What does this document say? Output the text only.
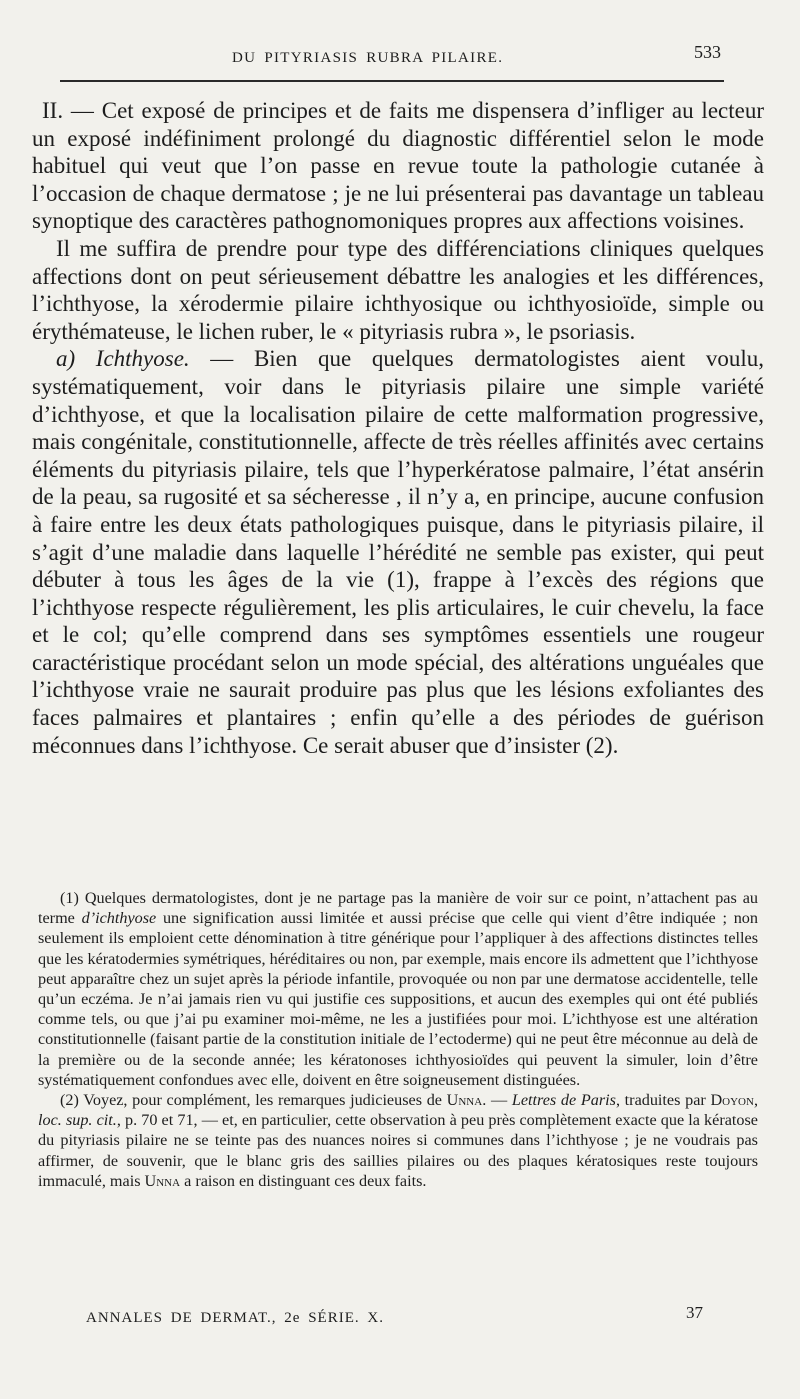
DU PITYRIASIS RUBRA PILAIRE.	533

II. — Cet exposé de principes et de faits me dispensera d’infliger au lecteur un exposé indéfiniment prolongé du diagnostic différentiel selon le mode habituel qui veut que l’on passe en revue toute la pathologie cutanée à l’occasion de chaque dermatose ; je ne lui présenterai pas davantage un tableau synoptique des caractères pathognomoniques propres aux affections voisines.

Il me suffira de prendre pour type des différenciations cliniques quelques affections dont on peut sérieusement débattre les analogies et les différences, l’ichthyose, la xérodermie pilaire ichthyosique ou ichthyosioïde, simple ou érythémateuse, le lichen ruber, le « pityriasis rubra », le psoriasis.

a) Ichthyose. — Bien que quelques dermatologistes aient voulu, systématiquement, voir dans le pityriasis pilaire une simple variété d’ichthyose, et que la localisation pilaire de cette malformation progressive, mais congénitale, constitutionnelle, affecte de très réelles affinités avec certains éléments du pityriasis pilaire, tels que l’hyperkératose palmaire, l’état ansérin de la peau, sa rugosité et sa sécheresse , il n’y a, en principe, aucune confusion à faire entre les deux états pathologiques puisque, dans le pityriasis pilaire, il s’agit d’une maladie dans laquelle l’hérédité ne semble pas exister, qui peut débuter à tous les âges de la vie (1), frappe à l’excès des régions que l’ichthyose respecte régulièrement, les plis articulaires, le cuir chevelu, la face et le col; qu’elle comprend dans ses symptômes essentiels une rougeur caractéristique procédant selon un mode spécial, des altérations unguéales que l’ichthyose vraie ne saurait produire pas plus que les lésions exfoliantes des faces palmaires et plantaires ; enfin qu’elle a des périodes de guérison méconnues dans l’ichthyose. Ce serait abuser que d’insister (2).

(1) Quelques dermatologistes, dont je ne partage pas la manière de voir sur ce point, n’attachent pas au terme d’ichthyose une signification aussi limitée et aussi précise que celle qui vient d’être indiquée ; non seulement ils emploient cette dénomination à titre générique pour l’appliquer à des affections distinctes telles que les kératodermies symétriques, héréditaires ou non, par exemple, mais encore ils admettent que l’ichthyose peut apparaître chez un sujet après la période infantile, provoquée ou non par une dermatose accidentelle, telle qu’un eczéma. Je n’ai jamais rien vu qui justifie ces suppositions, et aucun des exemples qui ont été publiés comme tels, ou que j’ai pu examiner moi-même, ne les a justifiées pour moi. L’ichthyose est une altération constitutionnelle (faisant partie de la constitution initiale de l’ectoderme) qui ne peut être méconnue au delà de la première ou de la seconde année; les kératonoses ichthyosioïdes qui peuvent la simuler, loin d’être systématiquement confondues avec elle, doivent en être soigneusement distinguées.

(2) Voyez, pour complément, les remarques judicieuses de Unna. — Lettres de Paris, traduites par Doyon, loc. sup. cit., p. 70 et 71, — et, en particulier, cette observation à peu près complètement exacte que la kératose du pityriasis pilaire ne se teinte pas des nuances noires si communes dans l’ichthyose ; je ne voudrais pas affirmer, de souvenir, que le blanc gris des saillies pilaires ou des plaques kératosiques reste toujours immaculé, mais Unna a raison en distinguant ces deux faits.

37
ANNALES DE DERMAT., 2e SÉRIE. X.
